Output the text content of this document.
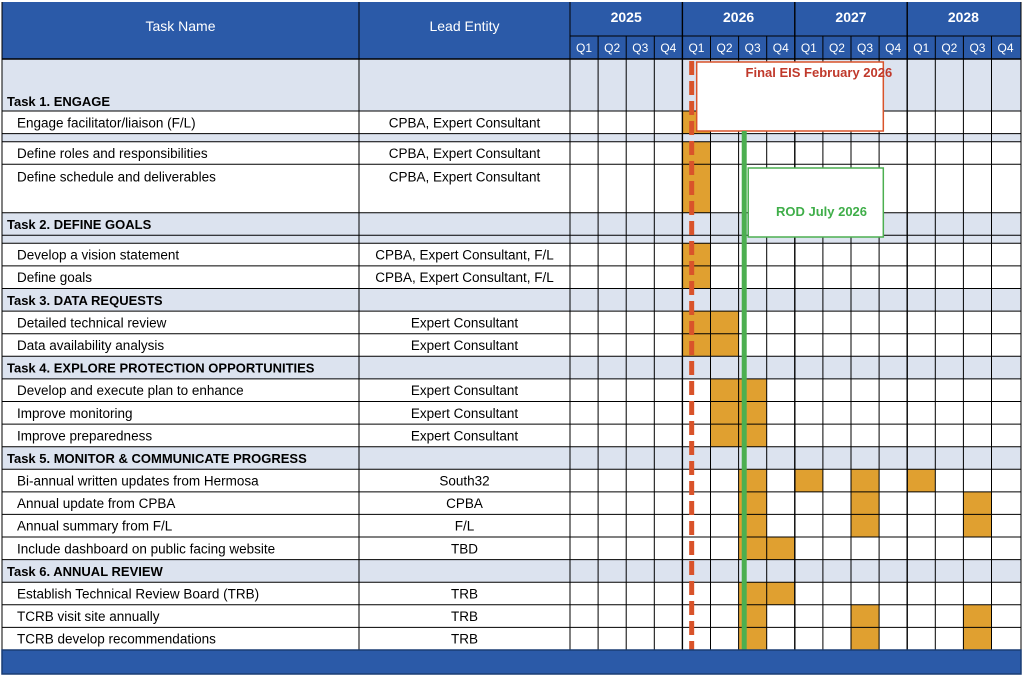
Task Name	Lead Entity
2025	2026	2027	2028
Q1 Q2 Q3 Q4 Q1 Q2 Q3 Q4 Q1 Q2 Q3 Q4 Q1 Q2 Q3 Q4
Task 1. ENGAGE
Engage facilitator/liaison (F/L)	CPBA, Expert Consultant
Define roles and responsibilities	CPBA, Expert Consultant
Define schedule and deliverables	CPBA, Expert Consultant
Task 2. DEFINE GOALS
Develop a vision statement	CPBA, Expert Consultant, F/L
Define goals	CPBA, Expert Consultant, F/L
Task 3. DATA REQUESTS
Detailed technical review	Expert Consultant
Data availability analysis	Expert Consultant
Task 4. EXPLORE PROTECTION OPPORTUNITIES
Develop and execute plan to enhance	Expert Consultant
Improve monitoring	Expert Consultant
Improve preparedness	Expert Consultant
Task 5. MONITOR & COMMUNICATE PROGRESS
Bi-annual written updates from Hermosa	South32
Annual update from CPBA	CPBA
Annual summary from F/L	F/L
Include dashboard on public facing website	TBD
Task 6. ANNUAL REVIEW
Establish Technical Review Board (TRB)	TRB
TCRB visit site annually	TRB
TCRB develop recommendations	TRB
Final EIS February 2026
ROD July 2026
